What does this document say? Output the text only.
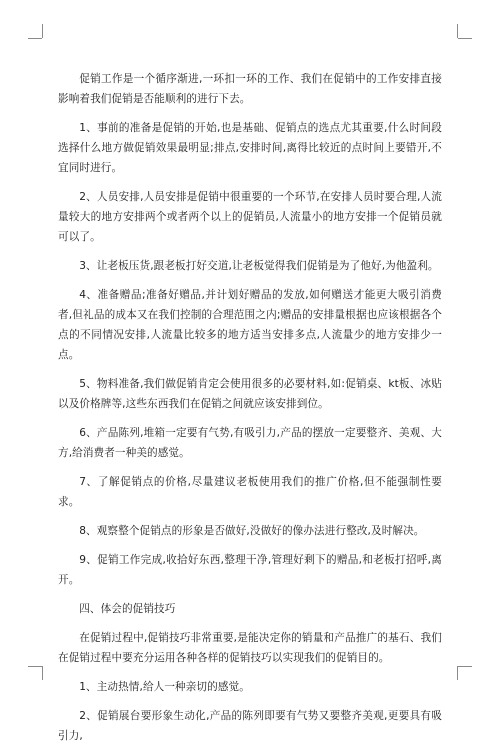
促销工作是一个循序渐进,一环扣一环的工作、我们在促销中的工作安排直接影响着我们促销是否能顺利的进行下去。

1、事前的准备是促销的开始,也是基础、促销点的选点尤其重要,什么时间段选择什么地方做促销效果最明显;排点,安排时间,离得比较近的点时间上要错开,不宜同时进行。

2、人员安排,人员安排是促销中很重要的一个环节,在安排人员时要合理,人流量较大的地方安排两个或者两个以上的促销员,人流量小的地方安排一个促销员就可以了。

3、让老板压货,跟老板打好交道,让老板觉得我们促销是为了他好,为他盈利。

4、准备赠品;准备好赠品,并计划好赠品的发放,如何赠送才能更大吸引消费者,但礼品的成本又在我们控制的合理范围之内;赠品的安排量根据也应该根据各个点的不同情况安排,人流量比较多的地方适当安排多点,人流量少的地方安排少一点。

5、物料准备,我们做促销肯定会使用很多的必要材料,如:促销桌、kt板、冰贴以及价格牌等,这些东西我们在促销之间就应该安排到位。

6、产品陈列,堆箱一定要有气势,有吸引力,产品的摆放一定要整齐、美观、大方,给消费者一种美的感觉。

7、了解促销点的价格,尽量建议老板使用我们的推广价格,但不能强制性要求。

8、观察整个促销点的形象是否做好,没做好的像办法进行整改,及时解决。

9、促销工作完成,收拾好东西,整理干净,管理好剩下的赠品,和老板打招呼,离开。

四、体会的促销技巧

在促销过程中,促销技巧非常重要,是能决定你的销量和产品推广的基石、我们在促销过程中要充分运用各种各样的促销技巧以实现我们的促销目的。

1、主动热情,给人一种亲切的感觉。

2、促销展台要形象生动化,产品的陈列即要有气势又要整齐美观,更要具有吸引力,
